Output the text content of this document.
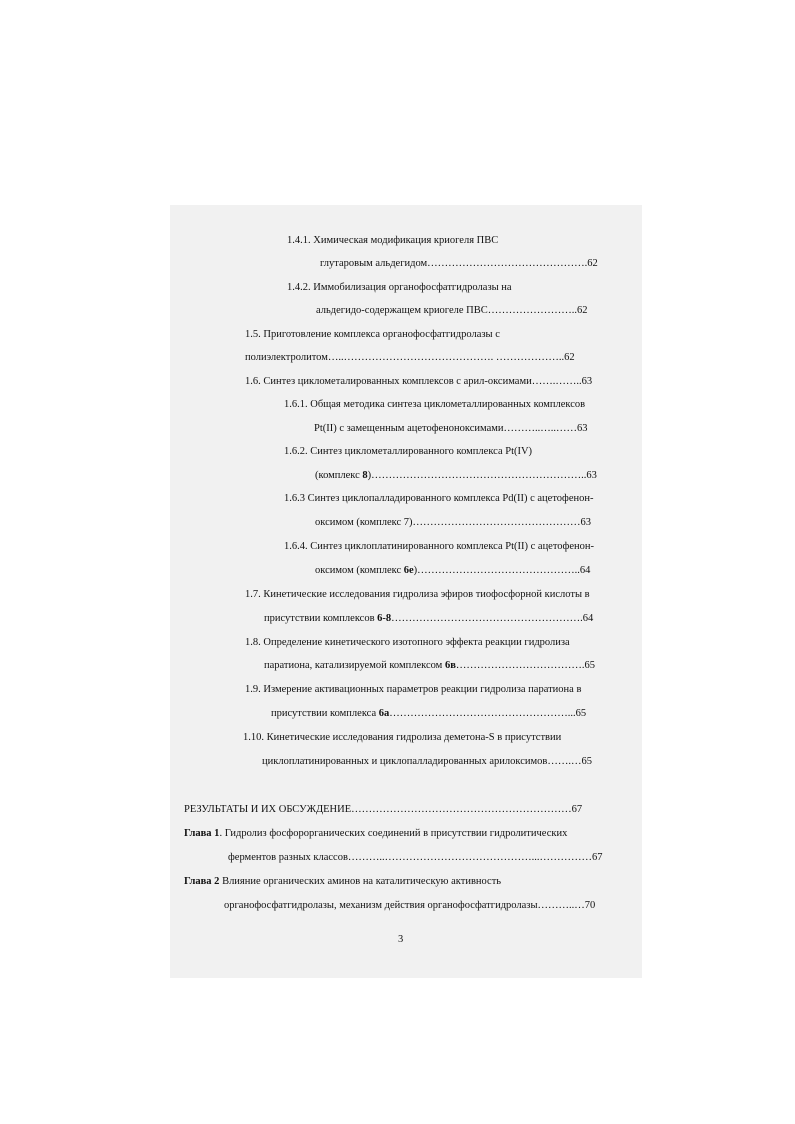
1.4.1. Химическая модификация криогеля ПВС
глутаровым альдегидом……………………………………….62
1.4.2. Иммобилизация органофосфатгидролазы на
альдегидо-содержащем криогеле ПВС……………………..62
1.5. Приготовление комплекса органофосфатгидролазы с
полиэлектролитом…..……………………………………. ………………..62
1.6. Синтез циклометалированных комплексов с арил-оксимами…….……..63
1.6.1. Общая методика синтеза циклометаллированных комплексов
Pt(II) с замещенным ацетофеноноксимами………..…..……63
1.6.2. Синтез циклометаллированного комплекса Pt(IV)
(комплекс 8)……………………………………………………..63
1.6.3 Синтез циклопалладированного комплекса Pd(II) с ацетофенон-
оксимом (комплекс 7)…………………………………………63
1.6.4. Синтез циклоплатинированного комплекса Pt(II) с ацетофенон-
оксимом (комплекс 6е)………………………………………..64
1.7. Кинетические исследования гидролиза эфиров тиофосфорной кислоты в
присутствии комплексов 6-8……………………………………………….64
1.8. Определение кинетического изотопного эффекта реакции гидролиза
паратиона, катализируемой комплексом 6в……………………………….65
1.9. Измерение активационных параметров реакции гидролиза паратиона в
присутствии комплекса 6а……………………………………………...65
1.10. Кинетические исследования гидролиза деметона-S в присутствии
циклоплатинированных и циклопалладированных арилоксимов…….…65
РЕЗУЛЬТАТЫ И ИХ ОБСУЖДЕНИЕ………………………………………………………67
Глава 1. Гидролиз фосфорорганических соединений в присутствии гидролитических
ферментов разных классов………..……………………………………...……………67
Глава 2 Влияние органических аминов на каталитическую активность
органофосфатгидролазы, механизм действия органофосфатгидролазы………..…70
3
